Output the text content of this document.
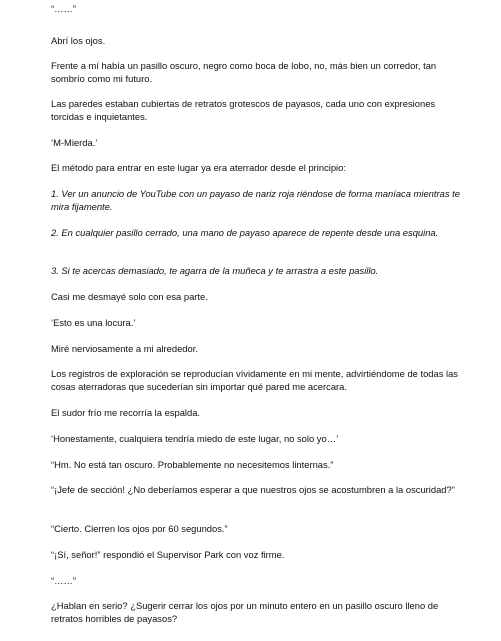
“……”

Abrí los ojos.

Frente a mí había un pasillo oscuro, negro como boca de lobo, no, más bien un corredor, tan sombrío como mi futuro.

Las paredes estaban cubiertas de retratos grotescos de payasos, cada uno con expresiones torcidas e inquietantes.

‘M-Mierda.’

El método para entrar en este lugar ya era aterrador desde el principio:

1. Ver un anuncio de YouTube con un payaso de nariz roja riéndose de forma maníaca mientras te mira fijamente.

2. En cualquier pasillo cerrado, una mano de payaso aparece de repente desde una esquina.

3. Si te acercas demasiado, te agarra de la muñeca y te arrastra a este pasillo.

Casi me desmayé solo con esa parte.

‘Esto es una locura.’

Miré nerviosamente a mi alrededor.

Los registros de exploración se reproducían vívidamente en mi mente, advirtiéndome de todas las cosas aterradoras que sucederían sin importar qué pared me acercara.

El sudor frío me recorría la espalda.

‘Honestamente, cualquiera tendría miedo de este lugar, no solo yo…’

“Hm. No está tan oscuro. Probablemente no necesitemos linternas.”

“¡Jefe de sección! ¿No deberíamos esperar a que nuestros ojos se acostumbren a la oscuridad?”

“Cierto. Cierren los ojos por 60 segundos.”

“¡Sí, señor!” respondió el Supervisor Park con voz firme.

“……”

¿Hablan en serio? ¿Sugerir cerrar los ojos por un minuto entero en un pasillo oscuro lleno de retratos horribles de payasos?
